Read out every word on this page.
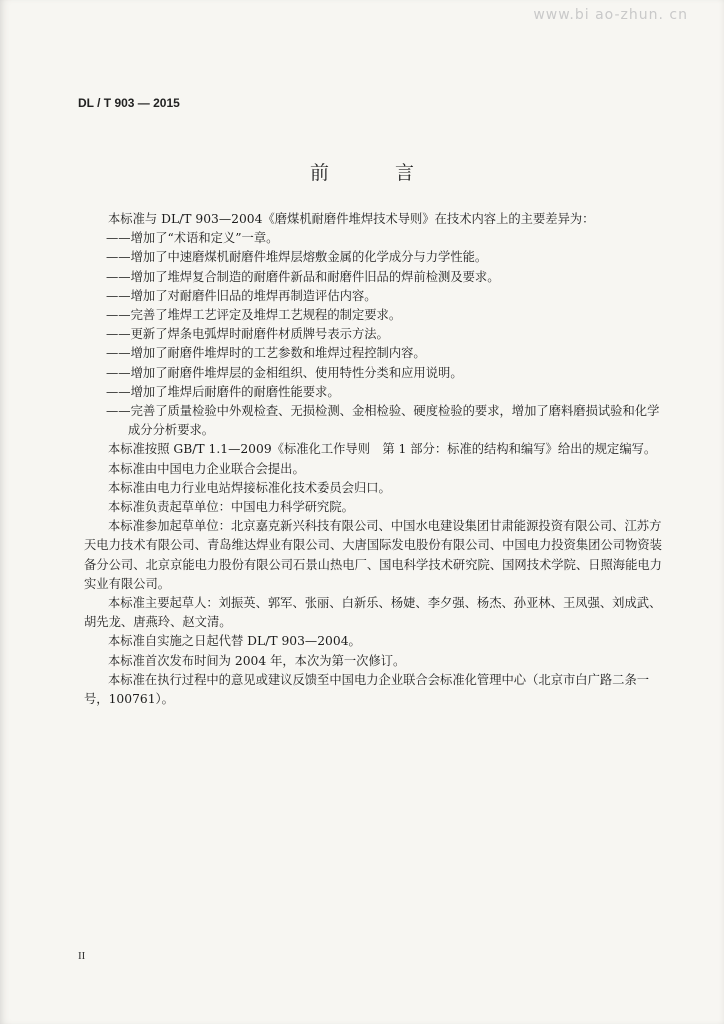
www.bi ao-zhun. cn
DL / T 903 — 2015
前 言

本标准与 DL/T 903—2004《磨煤机耐磨件堆焊技术导则》在技术内容上的主要差异为：

——增加了“术语和定义”一章。

——增加了中速磨煤机耐磨件堆焊层熔敷金属的化学成分与力学性能。

——增加了堆焊复合制造的耐磨件新品和耐磨件旧品的焊前检测及要求。

——增加了对耐磨件旧品的堆焊再制造评估内容。

——完善了堆焊工艺评定及堆焊工艺规程的制定要求。

——更新了焊条电弧焊时耐磨件材质牌号表示方法。

——增加了耐磨件堆焊时的工艺参数和堆焊过程控制内容。

——增加了耐磨件堆焊层的金相组织、使用特性分类和应用说明。

——增加了堆焊后耐磨件的耐磨性能要求。

——完善了质量检验中外观检查、无损检测、金相检验、硬度检验的要求，增加了磨料磨损试验和化学成分分析要求。

本标准按照 GB/T 1.1—2009《标准化工作导则　第 1 部分：标准的结构和编写》给出的规定编写。

本标准由中国电力企业联合会提出。

本标准由电力行业电站焊接标准化技术委员会归口。

本标准负责起草单位：中国电力科学研究院。

本标准参加起草单位：北京嘉克新兴科技有限公司、中国水电建设集团甘肃能源投资有限公司、江苏方天电力技术有限公司、青岛维达焊业有限公司、大唐国际发电股份有限公司、中国电力投资集团公司物资装备分公司、北京京能电力股份有限公司石景山热电厂、国电科学技术研究院、国网技术学院、日照海能电力实业有限公司。

本标准主要起草人：刘振英、郭军、张丽、白新乐、杨婕、李夕强、杨杰、孙亚林、王凤强、刘成武、胡先龙、唐燕玲、赵文清。

本标准自实施之日起代替 DL/T 903—2004。

本标准首次发布时间为 2004 年，本次为第一次修订。

本标准在执行过程中的意见或建议反馈至中国电力企业联合会标准化管理中心（北京市白广路二条一号，100761）。

II
